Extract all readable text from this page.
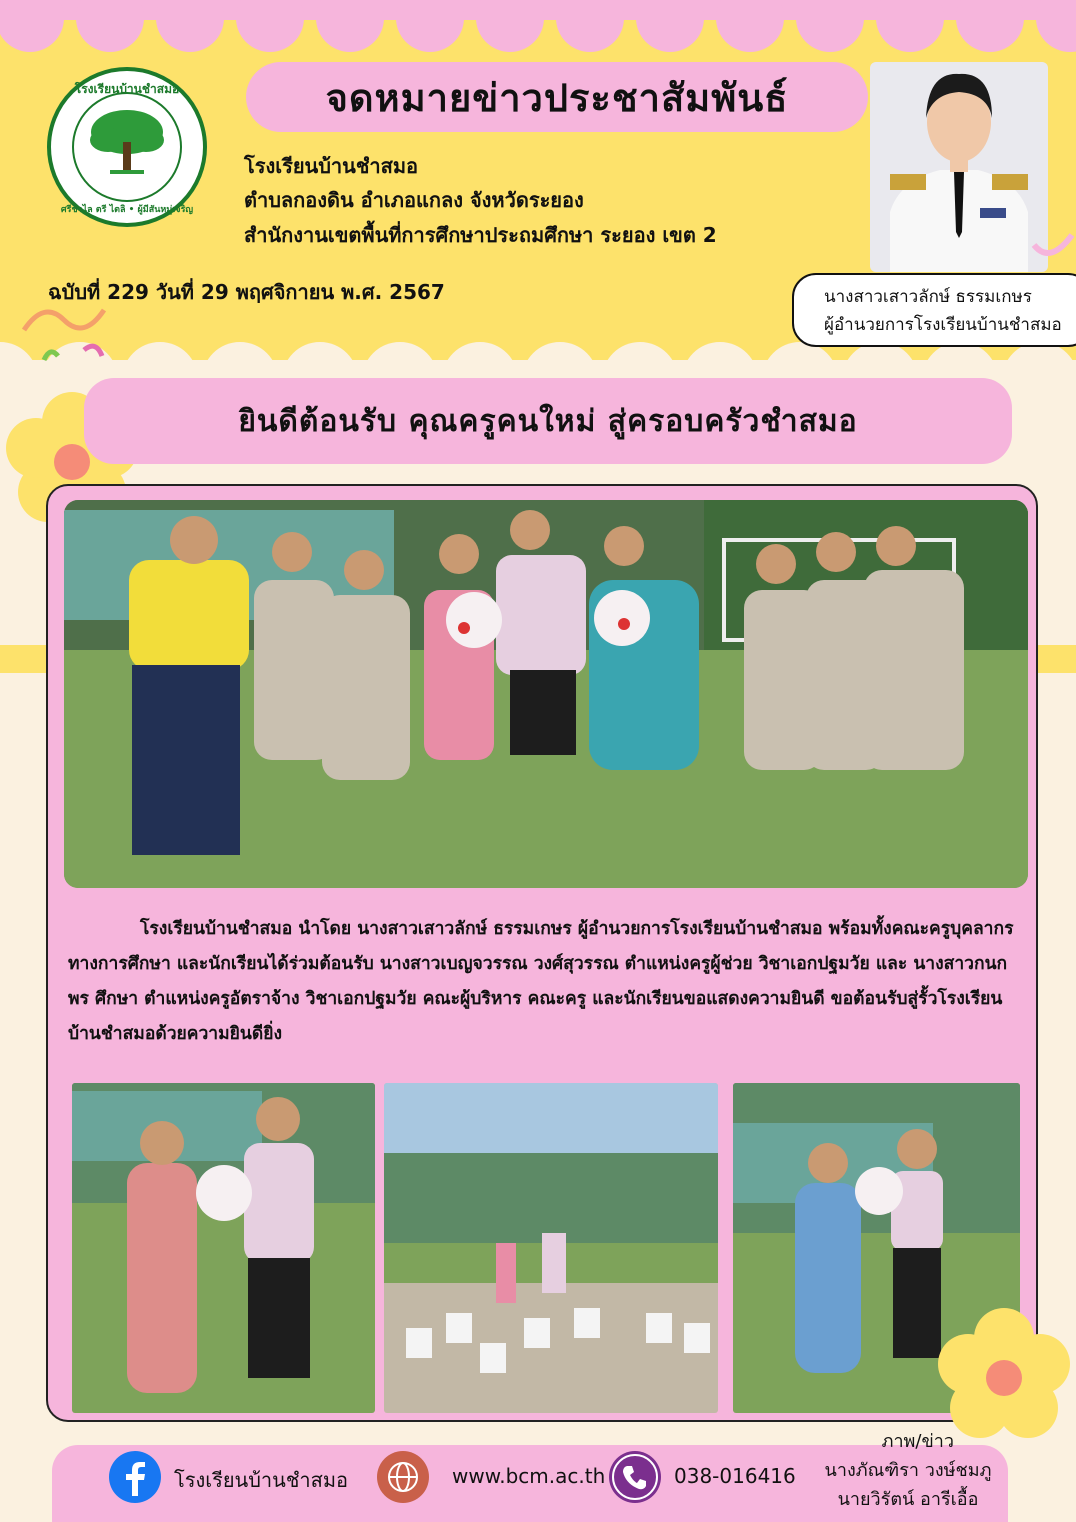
โรงเรียนบ้านชำสมอ
ศรีชวไล ตรี ไตลิ • ผู้มีสันหมู่เจริญ
จดหมายข่าวประชาสัมพันธ์
โรงเรียนบ้านชำสมอ
ตำบลกองดิน อำเภอแกลง จังหวัดระยอง
สำนักงานเขตพื้นที่การศึกษาประถมศึกษา ระยอง เขต 2
ฉบับที่ 229 วันที่ 29 พฤศจิกายน พ.ศ. 2567	นางสาวเสาวลักษ์ ธรรมเกษร
ผู้อำนวยการโรงเรียนบ้านชำสมอ
ยินดีต้อนรับ คุณครูคนใหม่ สู่ครอบครัวชำสมอ

โรงเรียนบ้านชำสมอ นำโดย นางสาวเสาวลักษ์ ธรรมเกษร ผู้อำนวยการโรงเรียนบ้านชำสมอ พร้อมทั้งคณะครูบุคลากรทางการศึกษา และนักเรียนได้ร่วมต้อนรับ นางสาวเบญจวรรณ วงศ์สุวรรณ ตำแหน่งครูผู้ช่วย วิชาเอกปฐมวัย และ นางสาวกนกพร ศึกษา ตำแหน่งครูอัตราจ้าง วิชาเอกปฐมวัย คณะผู้บริหาร คณะครู และนักเรียนขอแสดงความยินดี ขอต้อนรับสู่รั้วโรงเรียนบ้านชำสมอด้วยความยินดียิ่ง

โรงเรียนบ้านชำสมอ	www.bcm.ac.th	038-016416
ภาพ/ข่าว
นางภัณฑิรา วงษ์ชมภู
นายวิรัตน์ อารีเอื้อ
